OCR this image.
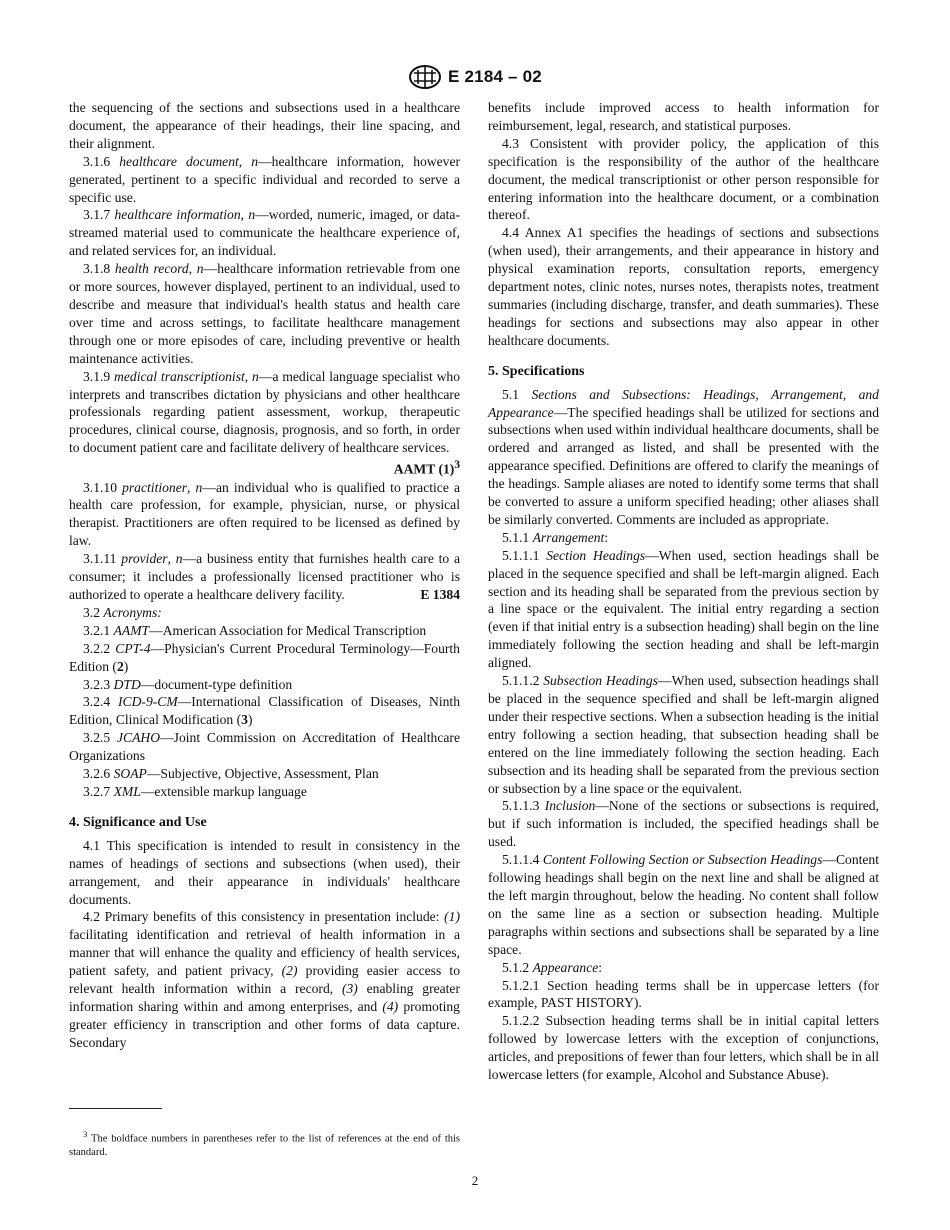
E 2184 – 02

the sequencing of the sections and subsections used in a healthcare document, the appearance of their headings, their line spacing, and their alignment.

3.1.6 healthcare document, n—healthcare information, however generated, pertinent to a specific individual and recorded to serve a specific use.

3.1.7 healthcare information, n—worded, numeric, imaged, or data-streamed material used to communicate the healthcare experience of, and related services for, an individual.

3.1.8 health record, n—healthcare information retrievable from one or more sources, however displayed, pertinent to an individual, used to describe and measure that individual's health status and health care over time and across settings, to facilitate healthcare management through one or more episodes of care, including preventive or health maintenance activities.

3.1.9 medical transcriptionist, n—a medical language specialist who interprets and transcribes dictation by physicians and other healthcare professionals regarding patient assessment, workup, therapeutic procedures, clinical course, diagnosis, prognosis, and so forth, in order to document patient care and facilitate delivery of healthcare services.
AAMT $(1)^3$

3.1.10 practitioner, n—an individual who is qualified to practice a health care profession, for example, physician, nurse, or physical therapist. Practitioners are often required to be licensed as defined by law.

3.1.11 provider, n—a business entity that furnishes health care to a consumer; it includes a professionally licensed practitioner who is authorized to operate a healthcare delivery facility.	E 1384

3.2 Acronyms:

3.2.1 AAMT—American Association for Medical Transcription

3.2.2 CPT-4—Physician's Current Procedural Terminology—Fourth Edition (2)

3.2.3 DTD—document-type definition

3.2.4 ICD-9-CM—International Classification of Diseases, Ninth Edition, Clinical Modification (3)

3.2.5 JCAHO—Joint Commission on Accreditation of Healthcare Organizations

3.2.6 SOAP—Subjective, Objective, Assessment, Plan

3.2.7 XML—extensible markup language

4. Significance and Use

4.1 This specification is intended to result in consistency in the names of headings of sections and subsections (when used), their arrangement, and their appearance in individuals' healthcare documents.

4.2 Primary benefits of this consistency in presentation include: (1) facilitating identification and retrieval of health information in a manner that will enhance the quality and efficiency of health services, patient safety, and patient privacy, (2) providing easier access to relevant health information within a record, (3) enabling greater information sharing within and among enterprises, and (4) promoting greater efficiency in transcription and other forms of data capture. Secondary

benefits include improved access to health information for reimbursement, legal, research, and statistical purposes.

4.3 Consistent with provider policy, the application of this specification is the responsibility of the author of the healthcare document, the medical transcriptionist or other person responsible for entering information into the healthcare document, or a combination thereof.

4.4 Annex A1 specifies the headings of sections and subsections (when used), their arrangements, and their appearance in history and physical examination reports, consultation reports, emergency department notes, clinic notes, nurses notes, therapists notes, treatment summaries (including discharge, transfer, and death summaries). These headings for sections and subsections may also appear in other healthcare documents.

5. Specifications

5.1 Sections and Subsections: Headings, Arrangement, and Appearance—The specified headings shall be utilized for sections and subsections when used within individual healthcare documents, shall be ordered and arranged as listed, and shall be presented with the appearance specified. Definitions are offered to clarify the meanings of the headings. Sample aliases are noted to identify some terms that shall be converted to assure a uniform specified heading; other aliases shall be similarly converted. Comments are included as appropriate.

5.1.1 Arrangement:

5.1.1.1 Section Headings—When used, section headings shall be placed in the sequence specified and shall be left-margin aligned. Each section and its heading shall be separated from the previous section by a line space or the equivalent. The initial entry regarding a section (even if that initial entry is a subsection heading) shall begin on the line immediately following the section heading and shall be left-margin aligned.

5.1.1.2 Subsection Headings—When used, subsection headings shall be placed in the sequence specified and shall be left-margin aligned under their respective sections. When a subsection heading is the initial entry following a section heading, that subsection heading shall be entered on the line immediately following the section heading. Each subsection and its heading shall be separated from the previous section or subsection by a line space or the equivalent.

5.1.1.3 Inclusion—None of the sections or subsections is required, but if such information is included, the specified headings shall be used.

5.1.1.4 Content Following Section or Subsection Headings—Content following headings shall begin on the next line and shall be aligned at the left margin throughout, below the heading. No content shall follow on the same line as a section or subsection heading. Multiple paragraphs within sections and subsections shall be separated by a line space.

5.1.2 Appearance:

5.1.2.1 Section heading terms shall be in uppercase letters (for example, PAST HISTORY).

5.1.2.2 Subsection heading terms shall be in initial capital letters followed by lowercase letters with the exception of conjunctions, articles, and prepositions of fewer than four letters, which shall be in all lowercase letters (for example, Alcohol and Substance Abuse).

$^3$ The boldface numbers in parentheses refer to the list of references at the end of this standard.

2
